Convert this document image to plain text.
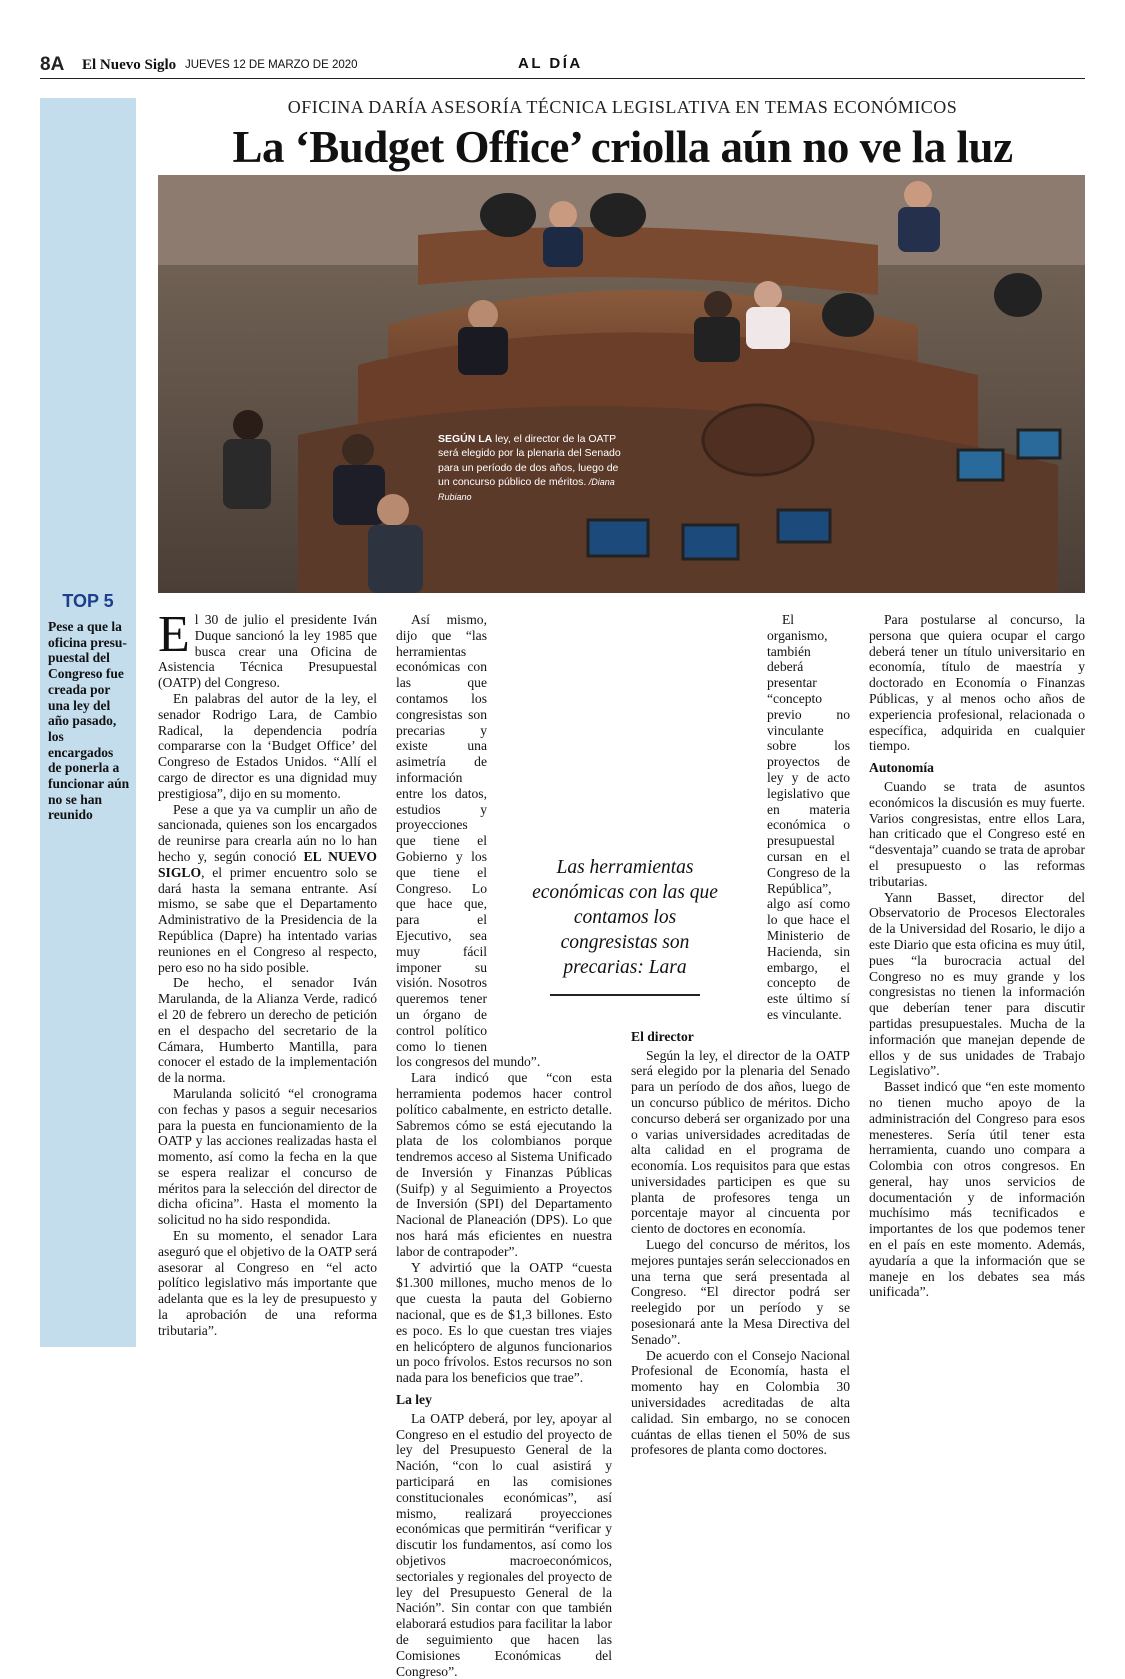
8A El Nuevo Siglo JUEVES 12 DE MARZO DE 2020	AL DÍA
TOP 5
Pese a que la oficina presupuestal del Congreso fue creada por una ley del año pasado, los encargados de ponerla a funcionar aún no se han reunido
OFICINA DARÍA ASESORÍA TÉCNICA LEGISLATIVA EN TEMAS ECONÓMICOS
La ‘Budget Office’ criolla aún no ve la luz
SEGÚN LA ley, el director de la OATP será elegido por la plenaria del Senado para un período de dos años, luego de un concurso público de méritos. /Diana Rubiano

El 30 de julio el presidente Iván Duque sancionó la ley 1985 que busca crear una Oficina de Asistencia Técnica Presupuestal (OATP) del Congreso.

En palabras del autor de la ley, el senador Rodrigo Lara, de Cambio Radical, la dependencia podría compararse con la ‘Budget Office’ del Congreso de Estados Unidos. “Allí el cargo de director es una dignidad muy prestigiosa”, dijo en su momento.

Pese a que ya va cumplir un año de sancionada, quienes son los encargados de reunirse para crearla aún no lo han hecho y, según conoció EL NUEVO SIGLO, el primer encuentro solo se dará hasta la semana entrante. Así mismo, se sabe que el Departamento Administrativo de la Presidencia de la República (Dapre) ha intentado varias reuniones en el Congreso al respecto, pero eso no ha sido posible.

De hecho, el senador Iván Marulanda, de la Alianza Verde, radicó el 20 de febrero un derecho de petición en el despacho del secretario de la Cámara, Humberto Mantilla, para conocer el estado de la implementación de la norma.

Marulanda solicitó “el cronograma con fechas y pasos a seguir necesarios para la puesta en funcionamiento de la OATP y las acciones realizadas hasta el momento, así como la fecha en la que se espera realizar el concurso de méritos para la selección del director de dicha oficina”. Hasta el momento la solicitud no ha sido respondida.

En su momento, el senador Lara aseguró que el objetivo de la OATP será asesorar al Congreso en “el acto político legislativo más importante que adelanta que es la ley de presupuesto y la aprobación de una reforma tributaria”.

Así mismo, dijo que “las herramientas económicas con las que contamos los congresistas son precarias y existe una asimetría de información entre los datos, estudios y proyecciones que tiene el Gobierno y los que tiene el Congreso. Lo que hace que, para el Ejecutivo, sea muy fácil imponer su visión. Nosotros queremos tener un órgano de control político como lo tienen los congresos del mundo”.

Lara indicó que “con esta herramienta podemos hacer control político cabalmente, en estricto detalle. Sabremos cómo se está ejecutando la plata de los colombianos porque tendremos acceso al Sistema Unificado de Inversión y Finanzas Públicas (Suifp) y al Seguimiento a Proyectos de Inversión (SPI) del Departamento Nacional de Planeación (DPS). Lo que nos hará más eficientes en nuestra labor de contrapoder”.

Y advirtió que la OATP “cuesta $1.300 millones, mucho menos de lo que cuesta la pauta del Gobierno nacional, que es de $1,3 billones. Esto es poco. Es lo que cuestan tres viajes en helicóptero de algunos funcionarios un poco frívolos. Estos recursos no son nada para los beneficios que trae”.

La ley

La OATP deberá, por ley, apoyar al Congreso en el estudio del proyecto de ley del Presupuesto General de la Nación, “con lo cual asistirá y participará en las comisiones constitucionales económicas”, así mismo, realizará proyecciones económicas que permitirán “verificar y discutir los fundamentos, así como los objetivos macroeconómicos, sectoriales y regionales del proyecto de ley del Presupuesto General de la Nación”. Sin contar con que también elaborará estudios para facilitar la labor de seguimiento que hacen las Comisiones Económicas del Congreso”.

El organismo, también deberá presentar “concepto previo no vinculante sobre los proyectos de ley y de acto legislativo que en materia económica o presupuestal cursan en el Congreso de la República”, algo así como lo que hace el Ministerio de Hacienda, sin embargo, el concepto de este último sí es vinculante.

El director

Según la ley, el director de la OATP será elegido por la plenaria del Senado para un período de dos años, luego de un concurso público de méritos. Dicho concurso deberá ser organizado por una o varias universidades acreditadas de alta calidad en el programa de economía. Los requisitos para que estas universidades participen es que su planta de profesores tenga un porcentaje mayor al cincuenta por ciento de doctores en economía.

Luego del concurso de méritos, los mejores puntajes serán seleccionados en una terna que será presentada al Congreso. “El director podrá ser reelegido por un período y se posesionará ante la Mesa Directiva del Senado”.

De acuerdo con el Consejo Nacional Profesional de Economía, hasta el momento hay en Colombia 30 universidades acreditadas de alta calidad. Sin embargo, no se conocen cuántas de ellas tienen el 50% de sus profesores de planta como doctores.

Para postularse al concurso, la persona que quiera ocupar el cargo deberá tener un título universitario en economía, título de maestría y doctorado en Economía o Finanzas Públicas, y al menos ocho años de experiencia profesional, relacionada o específica, adquirida en cualquier tiempo.

Autonomía

Cuando se trata de asuntos económicos la discusión es muy fuerte. Varios congresistas, entre ellos Lara, han criticado que el Congreso esté en “desventaja” cuando se trata de aprobar el presupuesto o las reformas tributarias.

Yann Basset, director del Observatorio de Procesos Electorales de la Universidad del Rosario, le dijo a este Diario que esta oficina es muy útil, pues “la burocracia actual del Congreso no es muy grande y los congresistas no tienen la información que deberían tener para discutir partidas presupuestales. Mucha de la información que manejan depende de ellos y de sus unidades de Trabajo Legislativo”.

Basset indicó que “en este momento no tienen mucho apoyo de la administración del Congreso para esos menesteres. Sería útil tener esta herramienta, cuando uno compara a Colombia con otros congresos. En general, hay unos servicios de documentación y de información muchísimo más tecnificados e importantes de los que podemos tener en el país en este momento. Además, ayudaría a que la información que se maneje en los debates sea más unificada”.

Las herramientas económicas con las que contamos los congresistas son precarias: Lara
